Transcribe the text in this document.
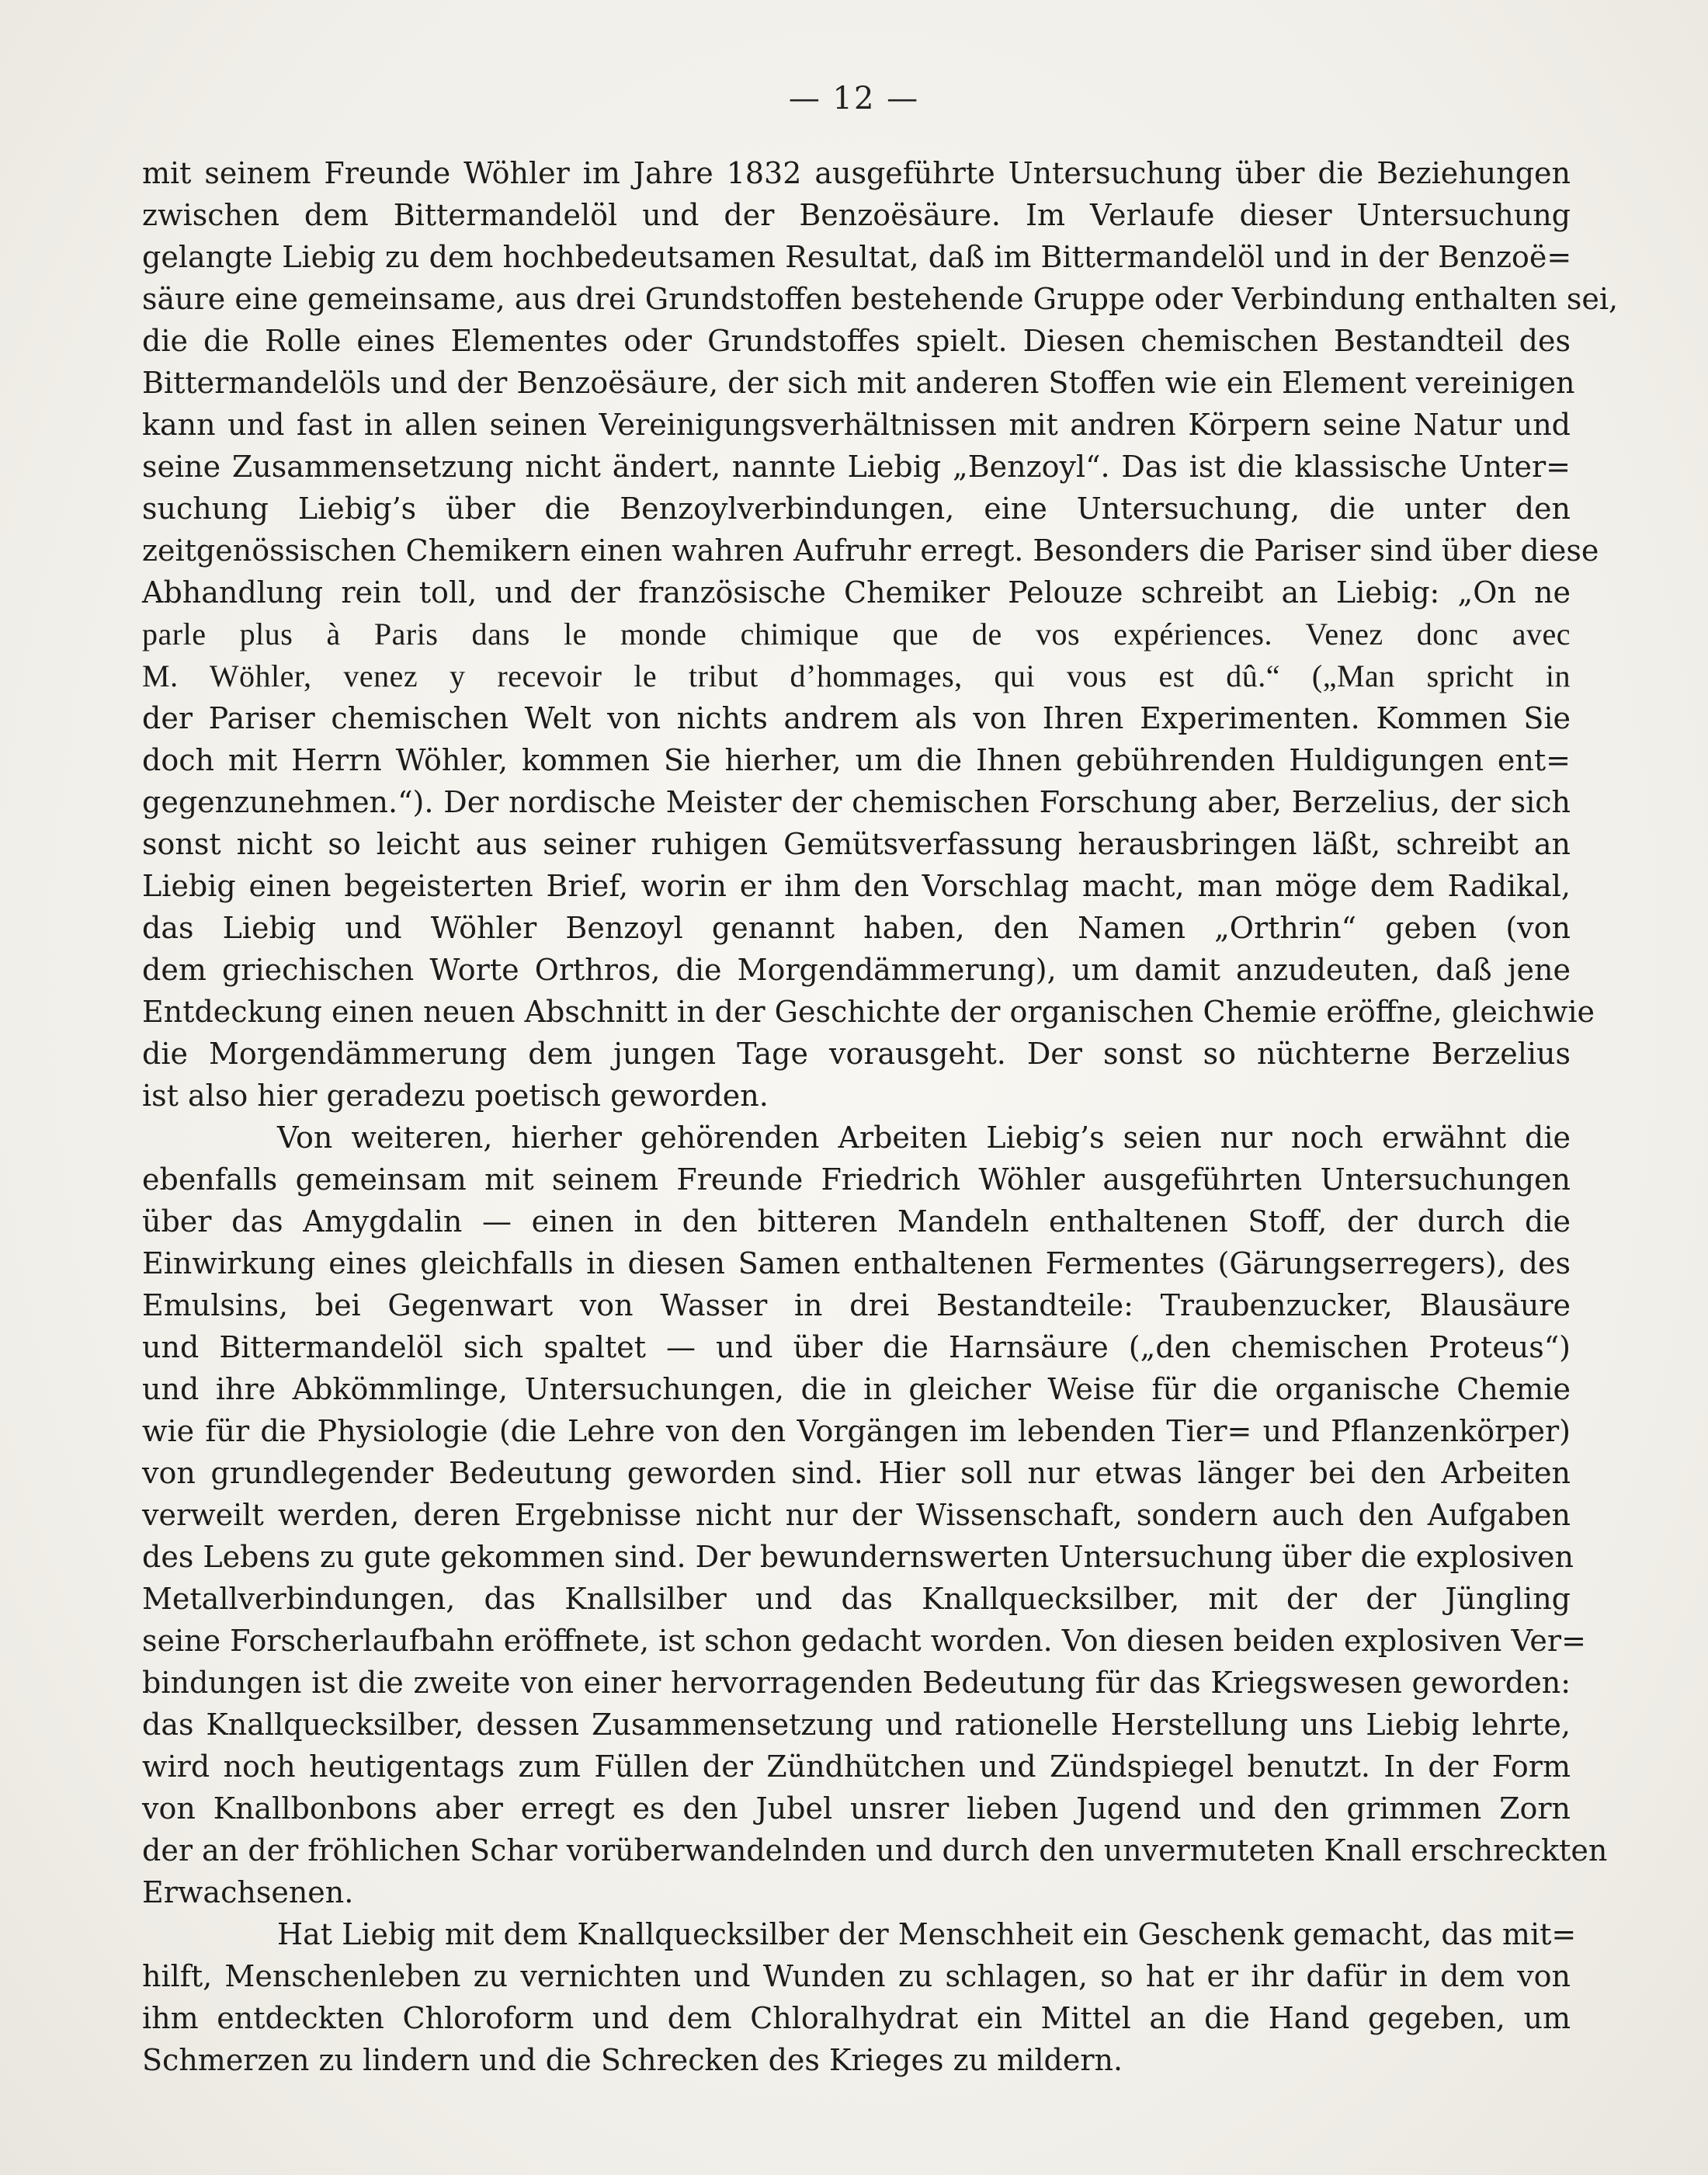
— 12 —
mit seinem Freunde Wöhler im Jahre 1832 ausgeführte Untersuchung über die Beziehungen
zwischen dem Bittermandelöl und der Benzoësäure. Im Verlaufe dieser Untersuchung
gelangte Liebig zu dem hochbedeutsamen Resultat, daß im Bittermandelöl und in der Benzoë=
säure eine gemeinsame, aus drei Grundstoffen bestehende Gruppe oder Verbindung enthalten sei,
die die Rolle eines Elementes oder Grundstoffes spielt. Diesen chemischen Bestandteil des
Bittermandelöls und der Benzoësäure, der sich mit anderen Stoffen wie ein Element vereinigen
kann und fast in allen seinen Vereinigungsverhältnissen mit andren Körpern seine Natur und
seine Zusammensetzung nicht ändert, nannte Liebig „Benzoyl“. Das ist die klassische Unter=
suchung Liebig’s über die Benzoylverbindungen, eine Untersuchung, die unter den
zeitgenössischen Chemikern einen wahren Aufruhr erregt. Besonders die Pariser sind über diese
Abhandlung rein toll, und der französische Chemiker Pelouze schreibt an Liebig: „On ne
parle plus à Paris dans le monde chimique que de vos expériences. Venez donc avec
M. Wöhler, venez y recevoir le tribut d’hommages, qui vous est dû.“ („Man spricht in
der Pariser chemischen Welt von nichts andrem als von Ihren Experimenten. Kommen Sie
doch mit Herrn Wöhler, kommen Sie hierher, um die Ihnen gebührenden Huldigungen ent=
gegenzunehmen.“). Der nordische Meister der chemischen Forschung aber, Berzelius, der sich
sonst nicht so leicht aus seiner ruhigen Gemütsverfassung herausbringen läßt, schreibt an
Liebig einen begeisterten Brief, worin er ihm den Vorschlag macht, man möge dem Radikal,
das Liebig und Wöhler Benzoyl genannt haben, den Namen „Orthrin“ geben (von
dem griechischen Worte Orthros, die Morgendämmerung), um damit anzudeuten, daß jene
Entdeckung einen neuen Abschnitt in der Geschichte der organischen Chemie eröffne, gleichwie
die Morgendämmerung dem jungen Tage vorausgeht. Der sonst so nüchterne Berzelius
ist also hier geradezu poetisch geworden.
Von weiteren, hierher gehörenden Arbeiten Liebig’s seien nur noch erwähnt die
ebenfalls gemeinsam mit seinem Freunde Friedrich Wöhler ausgeführten Untersuchungen
über das Amygdalin — einen in den bitteren Mandeln enthaltenen Stoff, der durch die
Einwirkung eines gleichfalls in diesen Samen enthaltenen Fermentes (Gärungserregers), des
Emulsins, bei Gegenwart von Wasser in drei Bestandteile: Traubenzucker, Blausäure
und Bittermandelöl sich spaltet — und über die Harnsäure („den chemischen Proteus“)
und ihre Abkömmlinge, Untersuchungen, die in gleicher Weise für die organische Chemie
wie für die Physiologie (die Lehre von den Vorgängen im lebenden Tier= und Pflanzenkörper)
von grundlegender Bedeutung geworden sind. Hier soll nur etwas länger bei den Arbeiten
verweilt werden, deren Ergebnisse nicht nur der Wissenschaft, sondern auch den Aufgaben
des Lebens zu gute gekommen sind. Der bewundernswerten Untersuchung über die explosiven
Metallverbindungen, das Knallsilber und das Knallquecksilber, mit der der Jüngling
seine Forscherlaufbahn eröffnete, ist schon gedacht worden. Von diesen beiden explosiven Ver=
bindungen ist die zweite von einer hervorragenden Bedeutung für das Kriegswesen geworden:
das Knallquecksilber, dessen Zusammensetzung und rationelle Herstellung uns Liebig lehrte,
wird noch heutigentags zum Füllen der Zündhütchen und Zündspiegel benutzt. In der Form
von Knallbonbons aber erregt es den Jubel unsrer lieben Jugend und den grimmen Zorn
der an der fröhlichen Schar vorüberwandelnden und durch den unvermuteten Knall erschreckten
Erwachsenen.
Hat Liebig mit dem Knallquecksilber der Menschheit ein Geschenk gemacht, das mit=
hilft, Menschenleben zu vernichten und Wunden zu schlagen, so hat er ihr dafür in dem von
ihm entdeckten Chloroform und dem Chloralhydrat ein Mittel an die Hand gegeben, um
Schmerzen zu lindern und die Schrecken des Krieges zu mildern.
